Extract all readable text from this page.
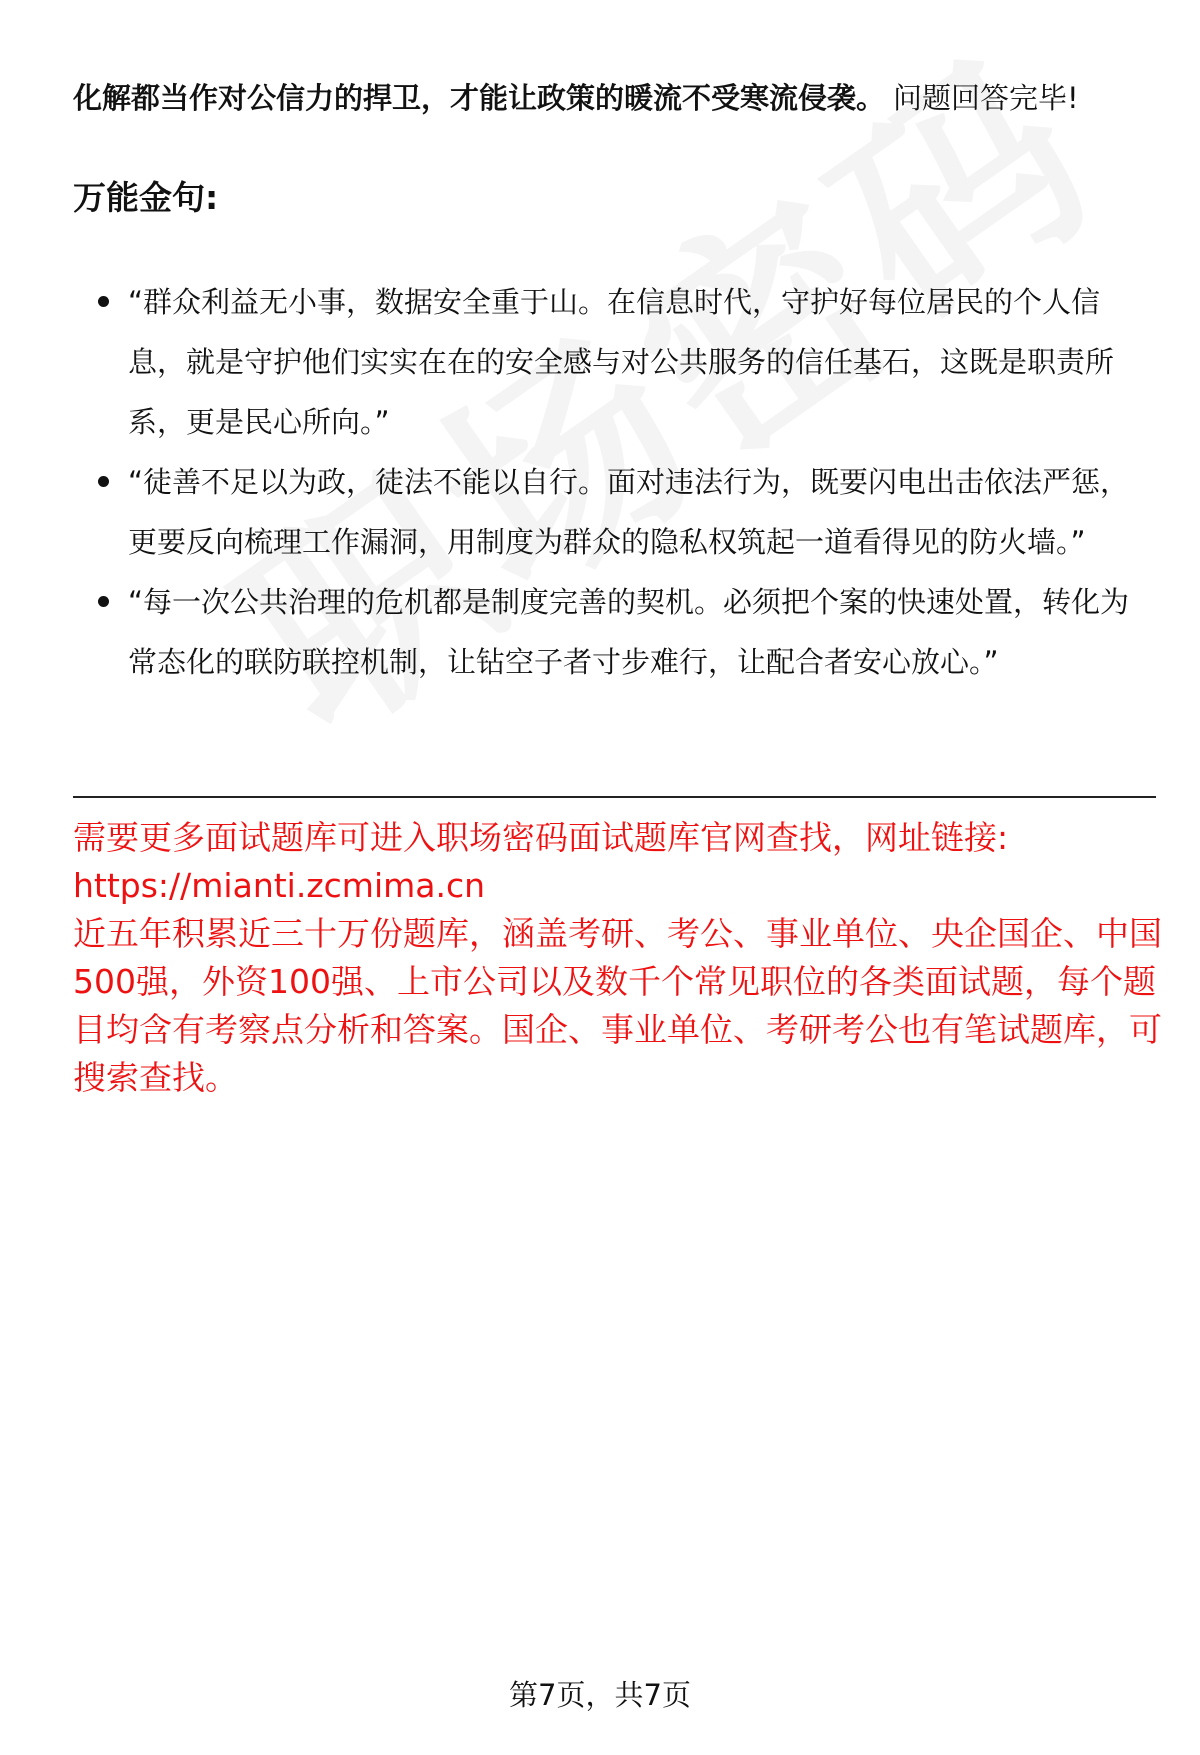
化解都当作对公信力的捍卫，才能让政策的暖流不受寒流侵袭。 问题回答完毕!
万能金句:
“群众利益无小事，数据安全重于山。在信息时代，守护好每位居民的个人信息，就是守护他们实实在在的安全感与对公共服务的信任基石，这既是职责所系，更是民心所向。”
“徒善不足以为政，徒法不能以自行。面对违法行为，既要闪电出击依法严惩，更要反向梳理工作漏洞，用制度为群众的隐私权筑起一道看得见的防火墙。”
“每一次公共治理的危机都是制度完善的契机。必须把个案的快速处置，转化为常态化的联防联控机制，让钻空子者寸步难行，让配合者安心放心。”

需要更多面试题库可进入职场密码面试题库官网查找，网址链接:

https://mianti.zcmima.cn

近五年积累近三十万份题库，涵盖考研、考公、事业单位、央企国企、中国500强，外资100强、上市公司以及数千个常见职位的各类面试题，每个题目均含有考察点分析和答案。国企、事业单位、考研考公也有笔试题库，可搜索查找。

第7页，共7页
